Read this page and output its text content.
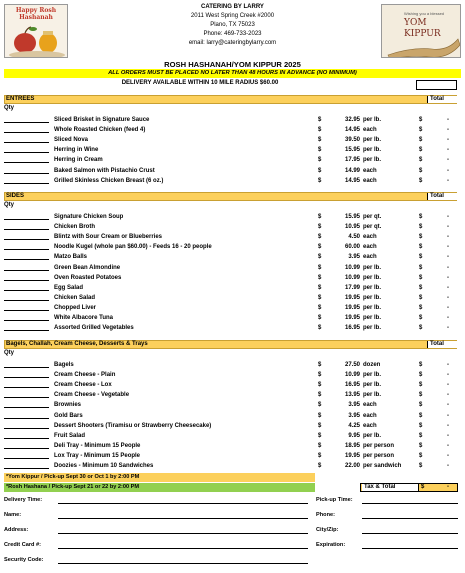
Happy Rosh Hashanah
CATERING BY LARRY
2011 West Spring Creek #2000
Plano, TX 75023
Phone: 469-733-2023
email: larry@cateringbylarry.com
Wishing you a blessed
YOM
KIPPUR
ROSH HASHANAH/YOM KIPPUR 2025
ALL ORDERS MUST BE PLACED NO LATER THAN 48 HOURS IN ADVANCE (NO MINIMUM)
DELIVERY AVAILABLE WITHIN 10 MILE RADIUS $60.00
ENTREES	Total
Qty
Sliced Brisket in Signature Sauce	$	32.95 per lb.	$	-
Whole Roasted Chicken (feed 4)	$	14.95 each	$	-
Sliced Nova	$	39.50 per lb.	$	-
Herring in Wine	$	15.95 per lb.	$	-
Herring in Cream	$	17.95 per lb.	$	-
Baked Salmon with Pistachio Crust	$	14.99 each	$	-
Grilled Skinless Chicken Breast (6 oz.)	$	14.95 each	$	-
SIDES	Total
Qty
Signature Chicken Soup	$	15.95 per qt.	$	-
Chicken Broth	$	10.95 per qt.	$	-
Blintz with Sour Cream or Blueberries	$	4.50 each	$	-
Noodle Kugel (whole pan $60.00) - Feeds 16 - 20 people	$	60.00 each	$	-
Matzo Balls	$	3.95 each	$	-
Green Bean Almondine	$	10.99 per lb.	$	-
Oven Roasted Potatoes	$	10.99 per lb.	$	-
Egg Salad	$	17.99 per lb.	$	-
Chicken Salad	$	19.95 per lb.	$	-
Chopped Liver	$	19.95 per lb.	$	-
White Albacore Tuna	$	19.95 per lb.	$	-
Assorted Grilled Vegetables	$	16.95 per lb.	$	-
Bagels, Challah, Cream Cheese, Desserts & Trays	Total
Qty
Bagels	$	27.50 dozen	$	-
Cream Cheese - Plain	$	10.99 per lb.	$	-
Cream Cheese - Lox	$	16.95 per lb.	$	-
Cream Cheese - Vegetable	$	13.95 per lb.	$	-
Brownies	$	3.95 each	$	-
Gold Bars	$	3.95 each	$	-
Dessert Shooters (Tiramisu or Strawberry Cheesecake)	$	4.25 each	$	-
Fruit Salad	$	9.95 per lb.	$	-
Deli Tray - Minimum 15 People	$	18.95 per person	$	-
Lox Tray - Minimum 15 People	$	19.95 per person	$	-
Doozies - Minimum 10 Sandwiches	$	22.00 per sandwich	$	-
*Yom Kippur / Pick-up Sept 30 or Oct 1 by 2:00 PM
*Rosh Hashana / Pick-up Sept 21 or 22 by 2:00 PM	Tax & Total	$	-
Delivery Time:	Pick-up Time:
Name:	Phone:
Address:	City/Zip:
Credit Card #:	Expiration:
Security Code:
